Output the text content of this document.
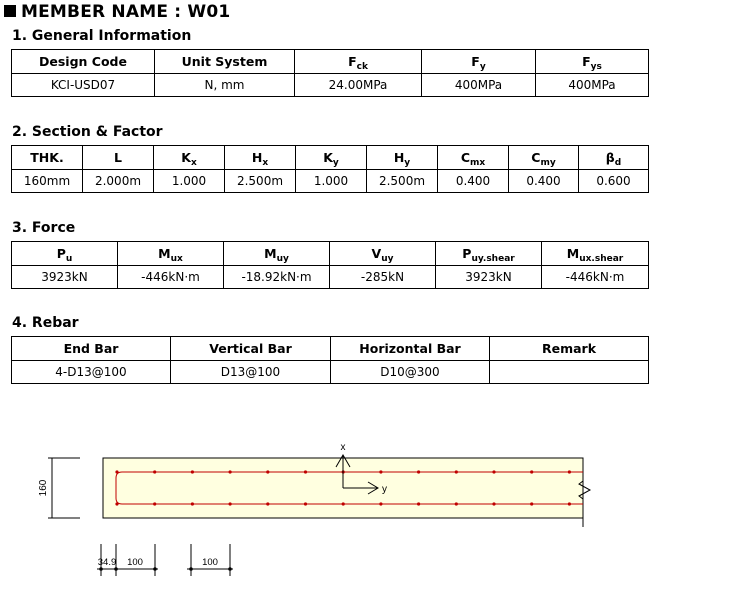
MEMBER NAME : W01
1. General Information
Design Code	Unit System	$F_{ck}$	$F_y$	$F_{ys}$
KCI-USD07	N, mm	24.00MPa	400MPa	400MPa
2. Section & Factor
THK.	L	$K_x$	$H_x$	$K_y$	$H_y$	$C_{mx}$	$C_{my}$	$\beta_d$
160mm	2.000m	1.000	2.500m	1.000	2.500m	0.400	0.400	0.600
3. Force
$P_u$	$M_{ux}$	$M_{uy}$	$V_{uy}$	$P_{uy.shear}$	$M_{ux.shear}$
3923kN	-446kN·m	-18.92kN·m	-285kN	3923kN	-446kN·m
4. Rebar
End Bar	Vertical Bar	Horizontal Bar	Remark
4-D13@100	D13@100	D10@300	
160
x
y
34.9 100	100
